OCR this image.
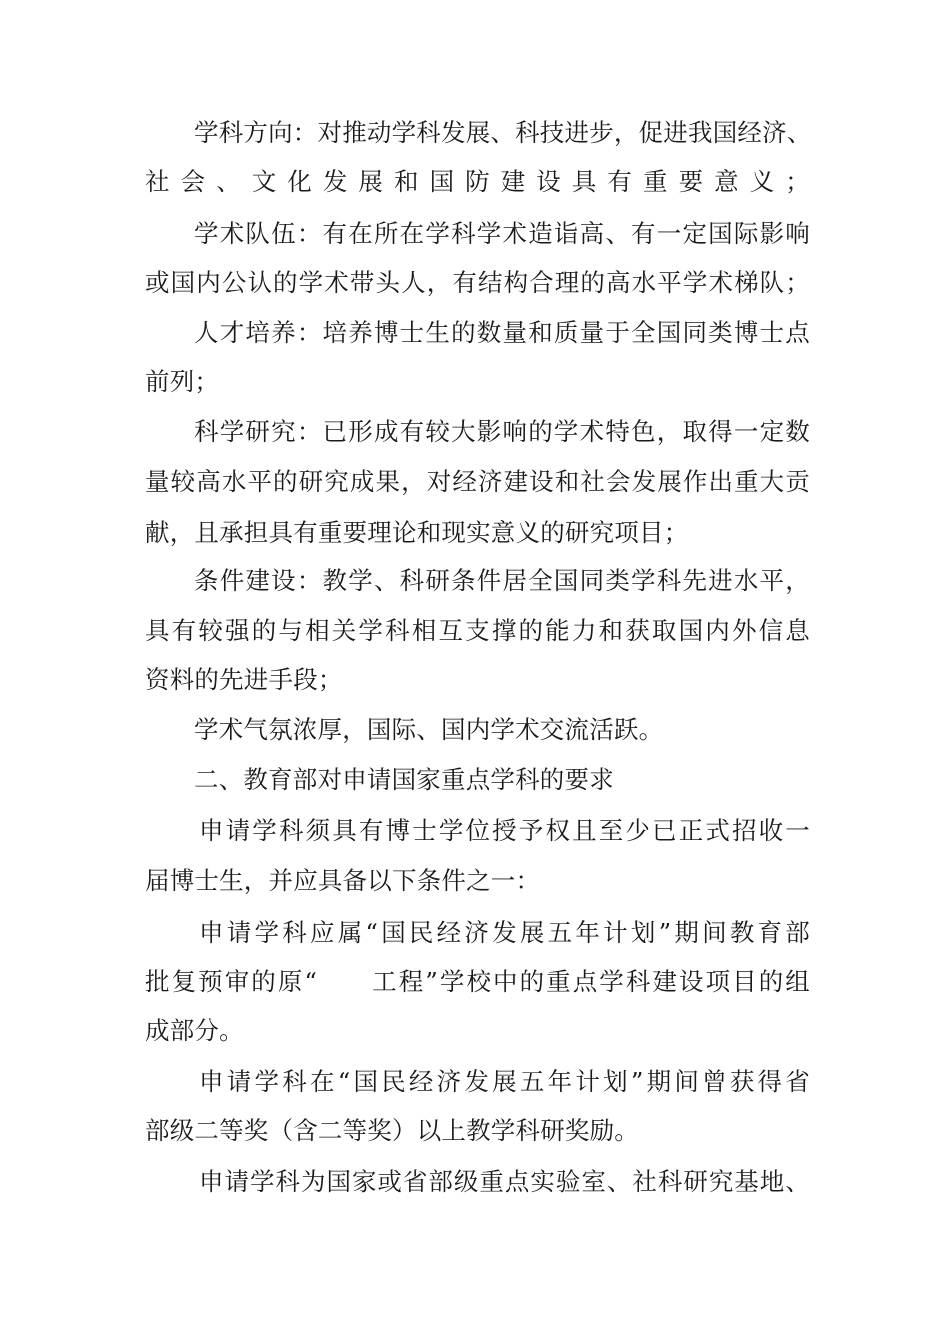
学科方向：对推动学科发展、科技进步，促进我国经济、
社会、文化发展和国防建设具有重要意义；
学术队伍：有在所在学科学术造诣高、有一定国际影响
或国内公认的学术带头人，有结构合理的高水平学术梯队；
人才培养：培养博士生的数量和质量于全国同类博士点
前列；
科学研究：已形成有较大影响的学术特色，取得一定数
量较高水平的研究成果，对经济建设和社会发展作出重大贡
献，且承担具有重要理论和现实意义的研究项目；
条件建设：教学、科研条件居全国同类学科先进水平，
具有较强的与相关学科相互支撑的能力和获取国内外信息
资料的先进手段；
学术气氛浓厚，国际、国内学术交流活跃。
二、教育部对申请国家重点学科的要求
申请学科须具有博士学位授予权且至少已正式招收一
届博士生，并应具备以下条件之一：
申请学科应属“国民经济发展五年计划”期间教育部
批复预审的原“　　工程”学校中的重点学科建设项目的组
成部分。
申请学科在“国民经济发展五年计划”期间曾获得省
部级二等奖（含二等奖）以上教学科研奖励。
申请学科为国家或省部级重点实验室、社科研究基地、
